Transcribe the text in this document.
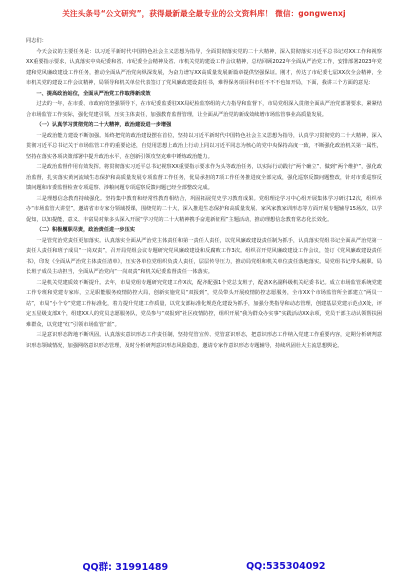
关注头条号“公文研究”，获得最新最全最专业的公文资料库！ 微信：gongwenxj

同志们：

今天会议的主要任务是：以习近平新时代中国特色社会主义思想为指导，全面贯彻落实党的二十大精神，深入贯彻落实习近平总书记对XX工作和视察XX重要指示要求，认真落实中央纪委和省、市纪委全会精神及省、市机关党的建设工作会议精神，总结回顾2022年全面从严治党工作，安排部署2023年党建和党风廉政建设工作任务，推动全面从严治党向纵深发展，为奋力谱写XX高质量发展新篇章提供坚强保证。刚才，传达了市纪委七届XX次全会精神，全市机关党的建设工作会议精神，局领导和机关单位代表签订了党风廉政建设责任书，难得保务项目科市任不不不也如开局，下面，我讲三个方面的意见：

一、提高政治站位，全面从严治党工作取得新成效

过去的一年，在市委、市政府的坚强领导下，在市纪委监委驻XX局纪检监察组的大力指导和监督下，市局党组深入贯彻全面从严治党部署要求，紧紧结合市场监管工作实际，强化党建引领，压实主体责任，加强教育监督管理，让全面从严治党的新成效续增市场监管事业高质量发展。

（一）认真学习贯彻党的二十大精神，政治建设进一步增强

一是政治能力建设不断加强。始终把党的政治建设摆在首位，坚持以习近平新时代中国特色社会主义思想为指导，认真学习贯彻党的二十大精神，深入贯彻习近平总书记关于市场监管工作的重要论述，自觉用思想上政治上行动上同以习近平同志为核心的党中央保持高度一致，不断强化政治机关第一属性，坚持在落实各项决策部署中提升政治水平，在创新引领攻坚克难中锤炼政治能力。

二是政治监督作用有效发挥。将贯彻落实习近平总书记视察XX重要指示要求作为头等政治任务，以实际行动践行“两个确立”、做到“两个维护”，强化政治监督，扎实落实黄河流域生态保护和高质量发展专项监督工作任务，优局承担的7项工作任务推进度全部完成，强化巡察反馈问题整改，针对市委巡察反馈问题和市委监督检查专项巡察、涉粮问题专项巡察反馈问题已经全部整改完成。

三是理想信念教育持续强化。坚持集中教育和经常性教育相结合，巩固拓展党史学习教育成果。党组理论学习中心组开展集体学习研讨12次，组织举办“市场监管大讲堂”，邀请省市专家分领域授课，围绕党的二十大，深入推进生态保护和高质量发展、家风家教家训形态等方面开展专题辅导15场次，以学促知，以知提能，意义、丰富局对象多头深入开展“学习党的二十大精神携手奋进新征程”主题活动，推动理想信念教育常态化长效化。

（二）积极履职尽责，政治责任进一步压实

一是管党治党责任更加落实。认真落实全面从严治党主体责任和第一责任人责任，以党风廉政建设责任制为抓手，认真落实党组书记全面从严治党第一责任人责任和班子成员“一岗双责”，召开局党组会议专题研究党风廉政建设和反腐败工作3次。组织召开党风廉政建设工作会议，签订《党风廉政建设责任书》，印发《全面从严治党主体责任清单》，压实各单位党组织负责人责任，层层传导压力，推动局党组和机关单位责任落地落实。局党组书记带头履职、局长班子成员主动担当，全面从严治党向“一岗双责”和机关纪委监督责任一体落实。

二是机关党建质效不断提升。去年，市局党组专题研究党建工作X次，配齐配强1个党总支班子，配备X名副科级机关纪委书记。成立市场监管系统党建工作专班和党建专家库，立足职能服务疫情防控大局，创新实施党员“双报到”，党员带头开展疫情防控志愿服务，全市XX个市场监管所全部建立“两员一站”，市局“小个专”党建工作标准化，着力提升党建工作质量，以党支部标准化规范化建设为抓手，加强分类指导和动态管理，创建基层党建示范点X处，评定五星级支部X个，组建XX人的党员志愿服务队，党员参与“双报到”社区疫情防控，组织开展“我为群众办实事”实践活动XX余项，党员干部主动认领帮扶困难群众，以党建“红”引领市场监管“蓝”。

三是意识形态阵地不断巩固。认真落实意识形态工作责任制，坚持党管宣传、党管意识形态，把意识形态工作纳入党建工作重要内容，定期分析研判意识形态领域情况，加强网络意识形态管理，及时分析研判意识形态风险隐患，邀请专家作意识形态专题辅导，持续巩固壮大主流思想舆论。

QQ群: 31991489	QQ:535304092
